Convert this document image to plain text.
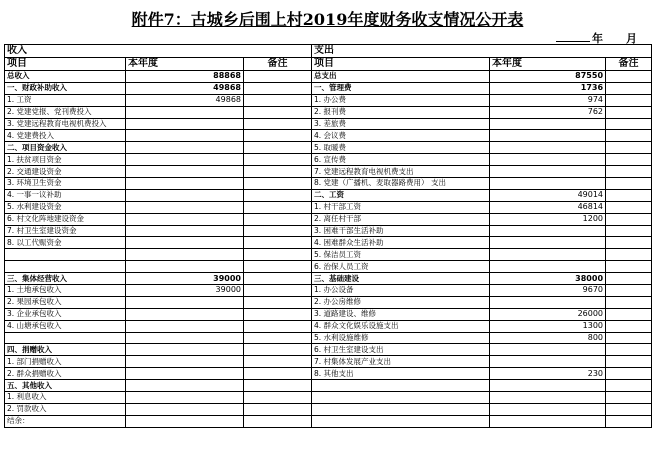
附件7：古城乡后围上村2019年度财务收支情况公开表
年 月
收入			支出		
项目	本年度	备注	项目	本年度	备注
总收入	88868		总支出	87550	
一、财政补助收入	49868		一、管理费	1736	
1. 工资	49868		1. 办公费	974	
2. 党建党报、党刊费投入			2. 报刊费	762	
3. 党建远程教育电视机费投入			3. 差旅费		
4. 党建费投入			4. 会议费		
二、项目资金收入			5. 取暖费		
1. 扶贫项目资金			6. 宣传费		
2. 交通建设资金			7. 党建远程教育电视机费支出		
3. 环境卫生资金			8. 党建（广播机、麦取器路费用） 支出		
4. 一事一议补助			二、工资	49014	
5. 水利建设资金			1. 村干部工资	46814	
6. 村文化阵地建设资金			2. 离任村干部	1200	
7. 村卫生室建设资金			3. 困难干部生活补助		
8. 以工代赈资金			4. 困难群众生活补助		
			5. 保洁员工资		
			6. 治保人员工资		
三、集体经营收入	39000		三、基础建设	38000	
1. 土地承包收入	39000		1. 办公设备	9670	
2. 果园承包收入			2. 办公房维修		
3. 企业承包收入			3. 道路建设、维修	26000	
4. 山塘承包收入			4. 群众文化娱乐设施支出	1300	
			5. 水利设施维修	800	
四、捐赠收入			6. 村卫生室建设支出		
1. 部门捐赠收入			7. 村集体发展产业支出		
2. 群众捐赠收入			8. 其他支出	230	
五、其他收入					
1. 利息收入					
2. 罚款收入					
结余：					
